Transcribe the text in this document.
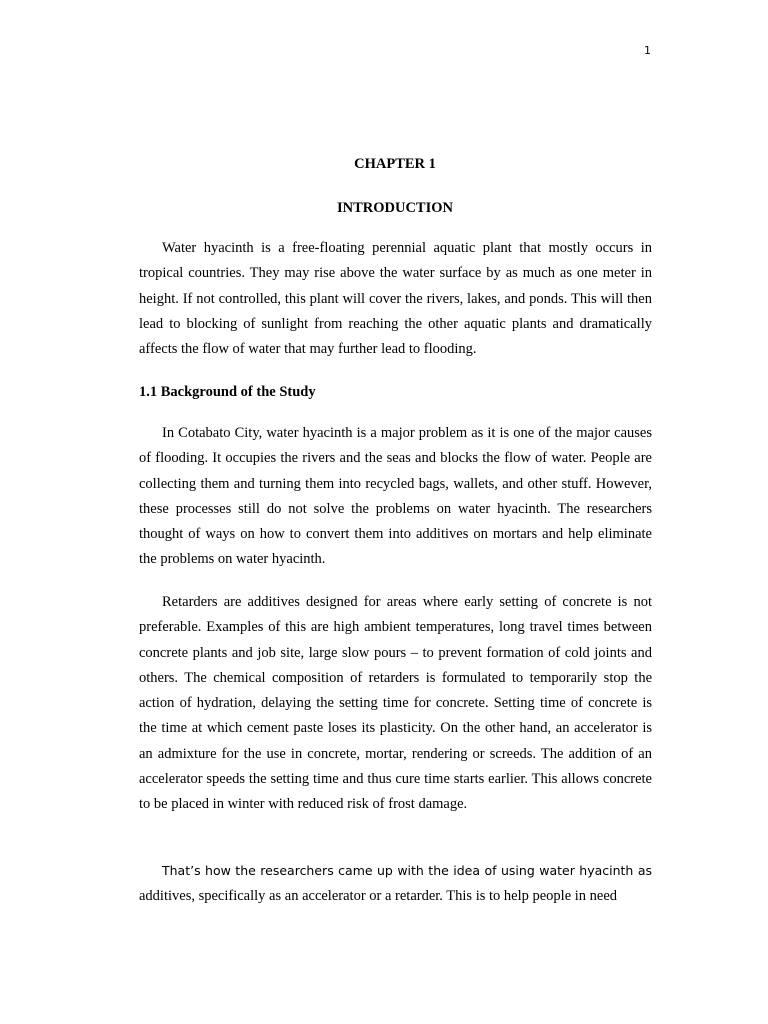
1
CHAPTER 1
INTRODUCTION

Water hyacinth is a free-floating perennial aquatic plant that mostly occurs in tropical countries. They may rise above the water surface by as much as one meter in height. If not controlled, this plant will cover the rivers, lakes, and ponds. This will then lead to blocking of sunlight from reaching the other aquatic plants and dramatically affects the flow of water that may further lead to flooding.

1.1 Background of the Study

In Cotabato City, water hyacinth is a major problem as it is one of the major causes of flooding. It occupies the rivers and the seas and blocks the flow of water. People are collecting them and turning them into recycled bags, wallets, and other stuff. However, these processes still do not solve the problems on water hyacinth. The researchers thought of ways on how to convert them into additives on mortars and help eliminate the problems on water hyacinth.

Retarders are additives designed for areas where early setting of concrete is not preferable. Examples of this are high ambient temperatures, long travel times between concrete plants and job site, large slow pours – to prevent formation of cold joints and others. The chemical composition of retarders is formulated to temporarily stop the action of hydration, delaying the setting time for concrete. Setting time of concrete is the time at which cement paste loses its plasticity. On the other hand, an accelerator is an admixture for the use in concrete, mortar, rendering or screeds. The addition of an accelerator speeds the setting time and thus cure time starts earlier. This allows concrete to be placed in winter with reduced risk of frost damage.

That’s how the researchers came up with the idea of using water hyacinth as additives, specifically as an accelerator or a retarder. This is to help people in need
